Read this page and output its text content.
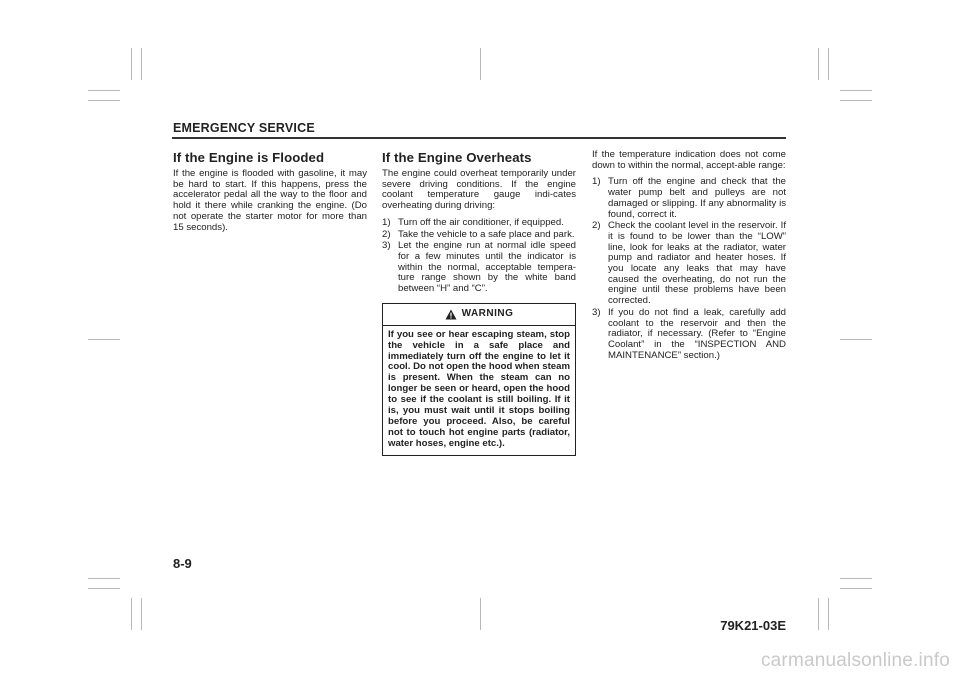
EMERGENCY SERVICE
If the Engine is Flooded

If the engine is flooded with gasoline, it may be hard to start. If this happens, press the accelerator pedal all the way to the floor and hold it there while cranking the engine. (Do not operate the starter motor for more than 15 seconds).

If the Engine Overheats

The engine could overheat temporarily under severe driving conditions. If the engine coolant temperature gauge indi-cates overheating during driving:

1) Turn off the air conditioner, if equipped.
2) Take the vehicle to a safe place and park.
3) Let the engine run at normal idle speed for a few minutes until the indicator is within the normal, acceptable tempera-ture range shown by the white band between “H” and “C”.
WARNING
If you see or hear escaping steam, stop the vehicle in a safe place and immediately turn off the engine to let it cool. Do not open the hood when steam is present. When the steam can no longer be seen or heard, open the hood to see if the coolant is still boiling. If it is, you must wait until it stops boiling before you proceed. Also, be careful not to touch hot engine parts (radiator, water hoses, engine etc.).

If the temperature indication does not come down to within the normal, accept-able range:

1) Turn off the engine and check that the water pump belt and pulleys are not damaged or slipping. If any abnormality is found, correct it.
2) Check the coolant level in the reservoir. If it is found to be lower than the “LOW” line, look for leaks at the radiator, water pump and radiator and heater hoses. If you locate any leaks that may have caused the overheating, do not run the engine until these problems have been corrected.
3) If you do not find a leak, carefully add coolant to the reservoir and then the radiator, if necessary. (Refer to “Engine Coolant” in the “INSPECTION AND MAINTENANCE” section.)
8-9
79K21-03E
carmanualsonline.info
